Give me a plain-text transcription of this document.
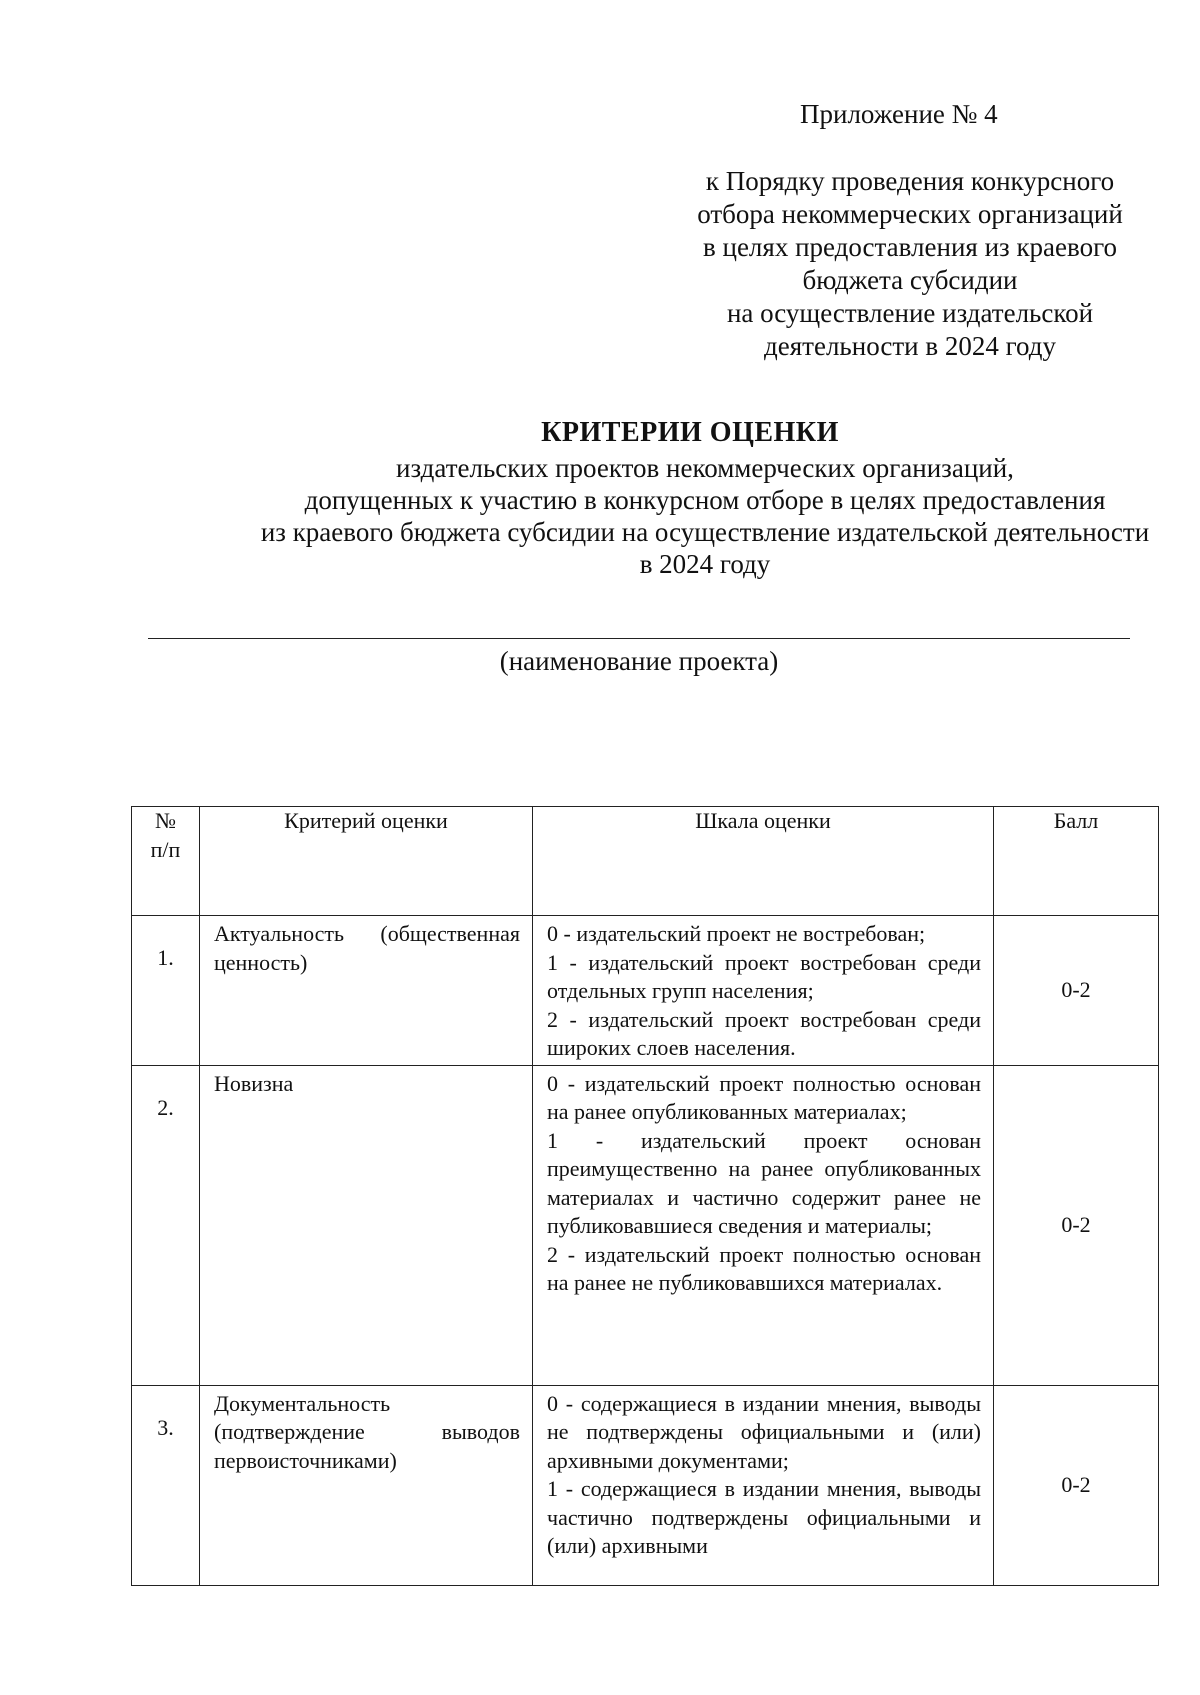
Приложение № 4
к Порядку проведения конкурсного
отбора некоммерческих организаций
в целях предоставления из краевого
бюджета субсидии
на осуществление издательской
деятельности в 2024 году
КРИТЕРИИ ОЦЕНКИ
издательских проектов некоммерческих организаций,
допущенных к участию в конкурсном отборе в целях предоставления
из краевого бюджета субсидии на осуществление издательской деятельности
в 2024 году
(наименование проекта)
№ п/п	Критерий оценки	Шкала оценки	Балл
1.	Актуальность (общественная ценность)	0 - издательский проект не востребован;
1 - издательский проект востребован среди отдельных групп населения;
2 - издательский проект востребован среди широких слоев населения.	0-2
2.	Новизна	0 - издательский проект полностью основан на ранее опубликованных материалах;
1 - издательский проект основан преимущественно на ранее опубликованных материалах и частично содержит ранее не публиковавшиеся сведения и материалы;
2 - издательский проект полностью основан на ранее не публиковавшихся материалах.	0-2
3.	Документальность (подтверждение выводов первоисточниками)	0 - содержащиеся в издании мнения, выводы не подтверждены официальными и (или) архивными документами;
1 - содержащиеся в издании мнения, выводы частично подтверждены официальными и (или) архивными	0-2
